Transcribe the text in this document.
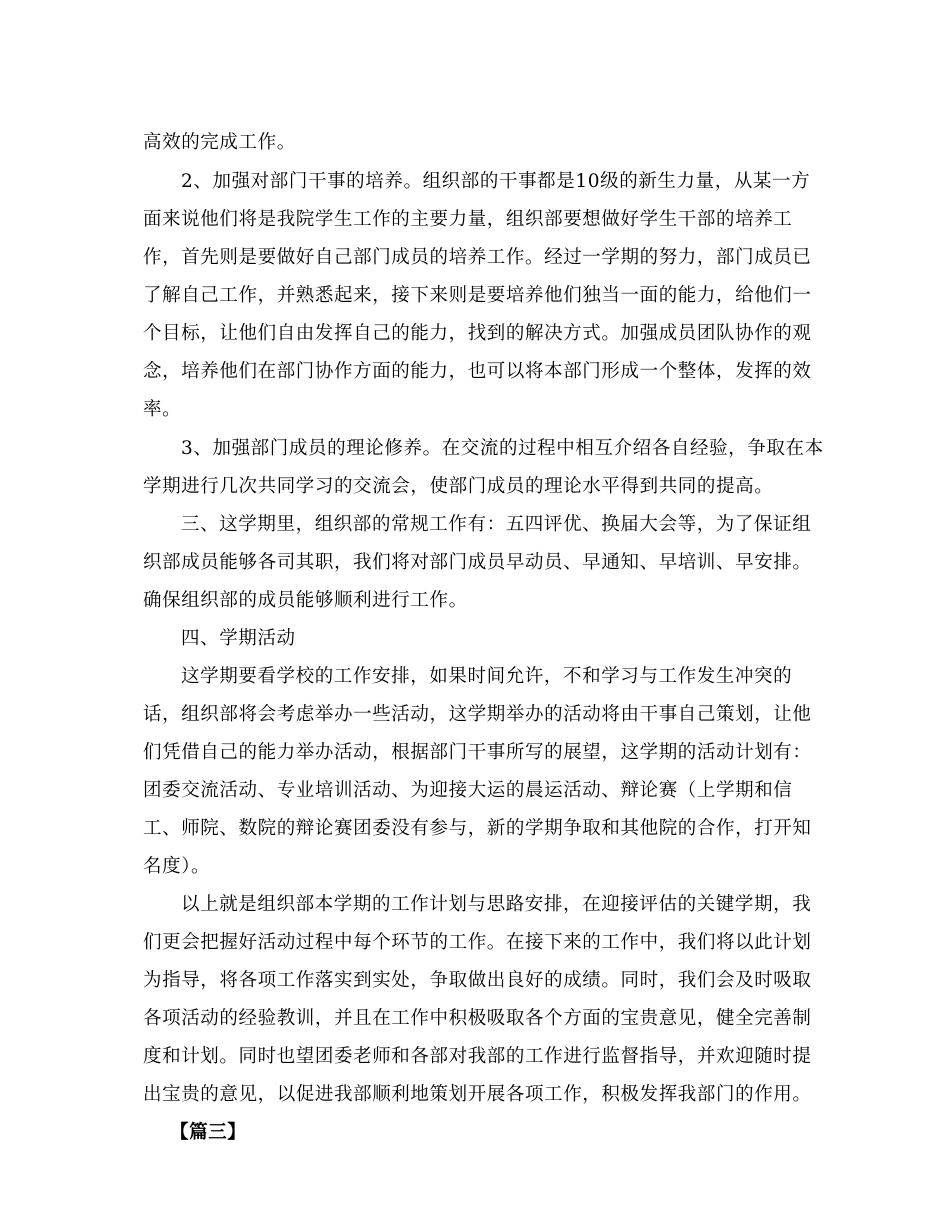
高效的完成工作。
2、加强对部门干事的培养。组织部的干事都是10级的新生力量，从某一方
面来说他们将是我院学生工作的主要力量，组织部要想做好学生干部的培养工
作，首先则是要做好自己部门成员的培养工作。经过一学期的努力，部门成员已
了解自己工作，并熟悉起来，接下来则是要培养他们独当一面的能力，给他们一
个目标，让他们自由发挥自己的能力，找到的解决方式。加强成员团队协作的观
念，培养他们在部门协作方面的能力，也可以将本部门形成一个整体，发挥的效
率。
3、加强部门成员的理论修养。在交流的过程中相互介绍各自经验，争取在本
学期进行几次共同学习的交流会，使部门成员的理论水平得到共同的提高。
三、这学期里，组织部的常规工作有：五四评优、换届大会等，为了保证组
织部成员能够各司其职，我们将对部门成员早动员、早通知、早培训、早安排。
确保组织部的成员能够顺利进行工作。
四、学期活动
这学期要看学校的工作安排，如果时间允许，不和学习与工作发生冲突的
话，组织部将会考虑举办一些活动，这学期举办的活动将由干事自己策划，让他
们凭借自己的能力举办活动，根据部门干事所写的展望，这学期的活动计划有：
团委交流活动、专业培训活动、为迎接大运的晨运活动、辩论赛（上学期和信
工、师院、数院的辩论赛团委没有参与，新的学期争取和其他院的合作，打开知
名度）。
以上就是组织部本学期的工作计划与思路安排，在迎接评估的关键学期，我
们更会把握好活动过程中每个环节的工作。在接下来的工作中，我们将以此计划
为指导，将各项工作落实到实处，争取做出良好的成绩。同时，我们会及时吸取
各项活动的经验教训，并且在工作中积极吸取各个方面的宝贵意见，健全完善制
度和计划。同时也望团委老师和各部对我部的工作进行监督指导，并欢迎随时提
出宝贵的意见，以促进我部顺利地策划开展各项工作，积极发挥我部门的作用。
【篇三】
